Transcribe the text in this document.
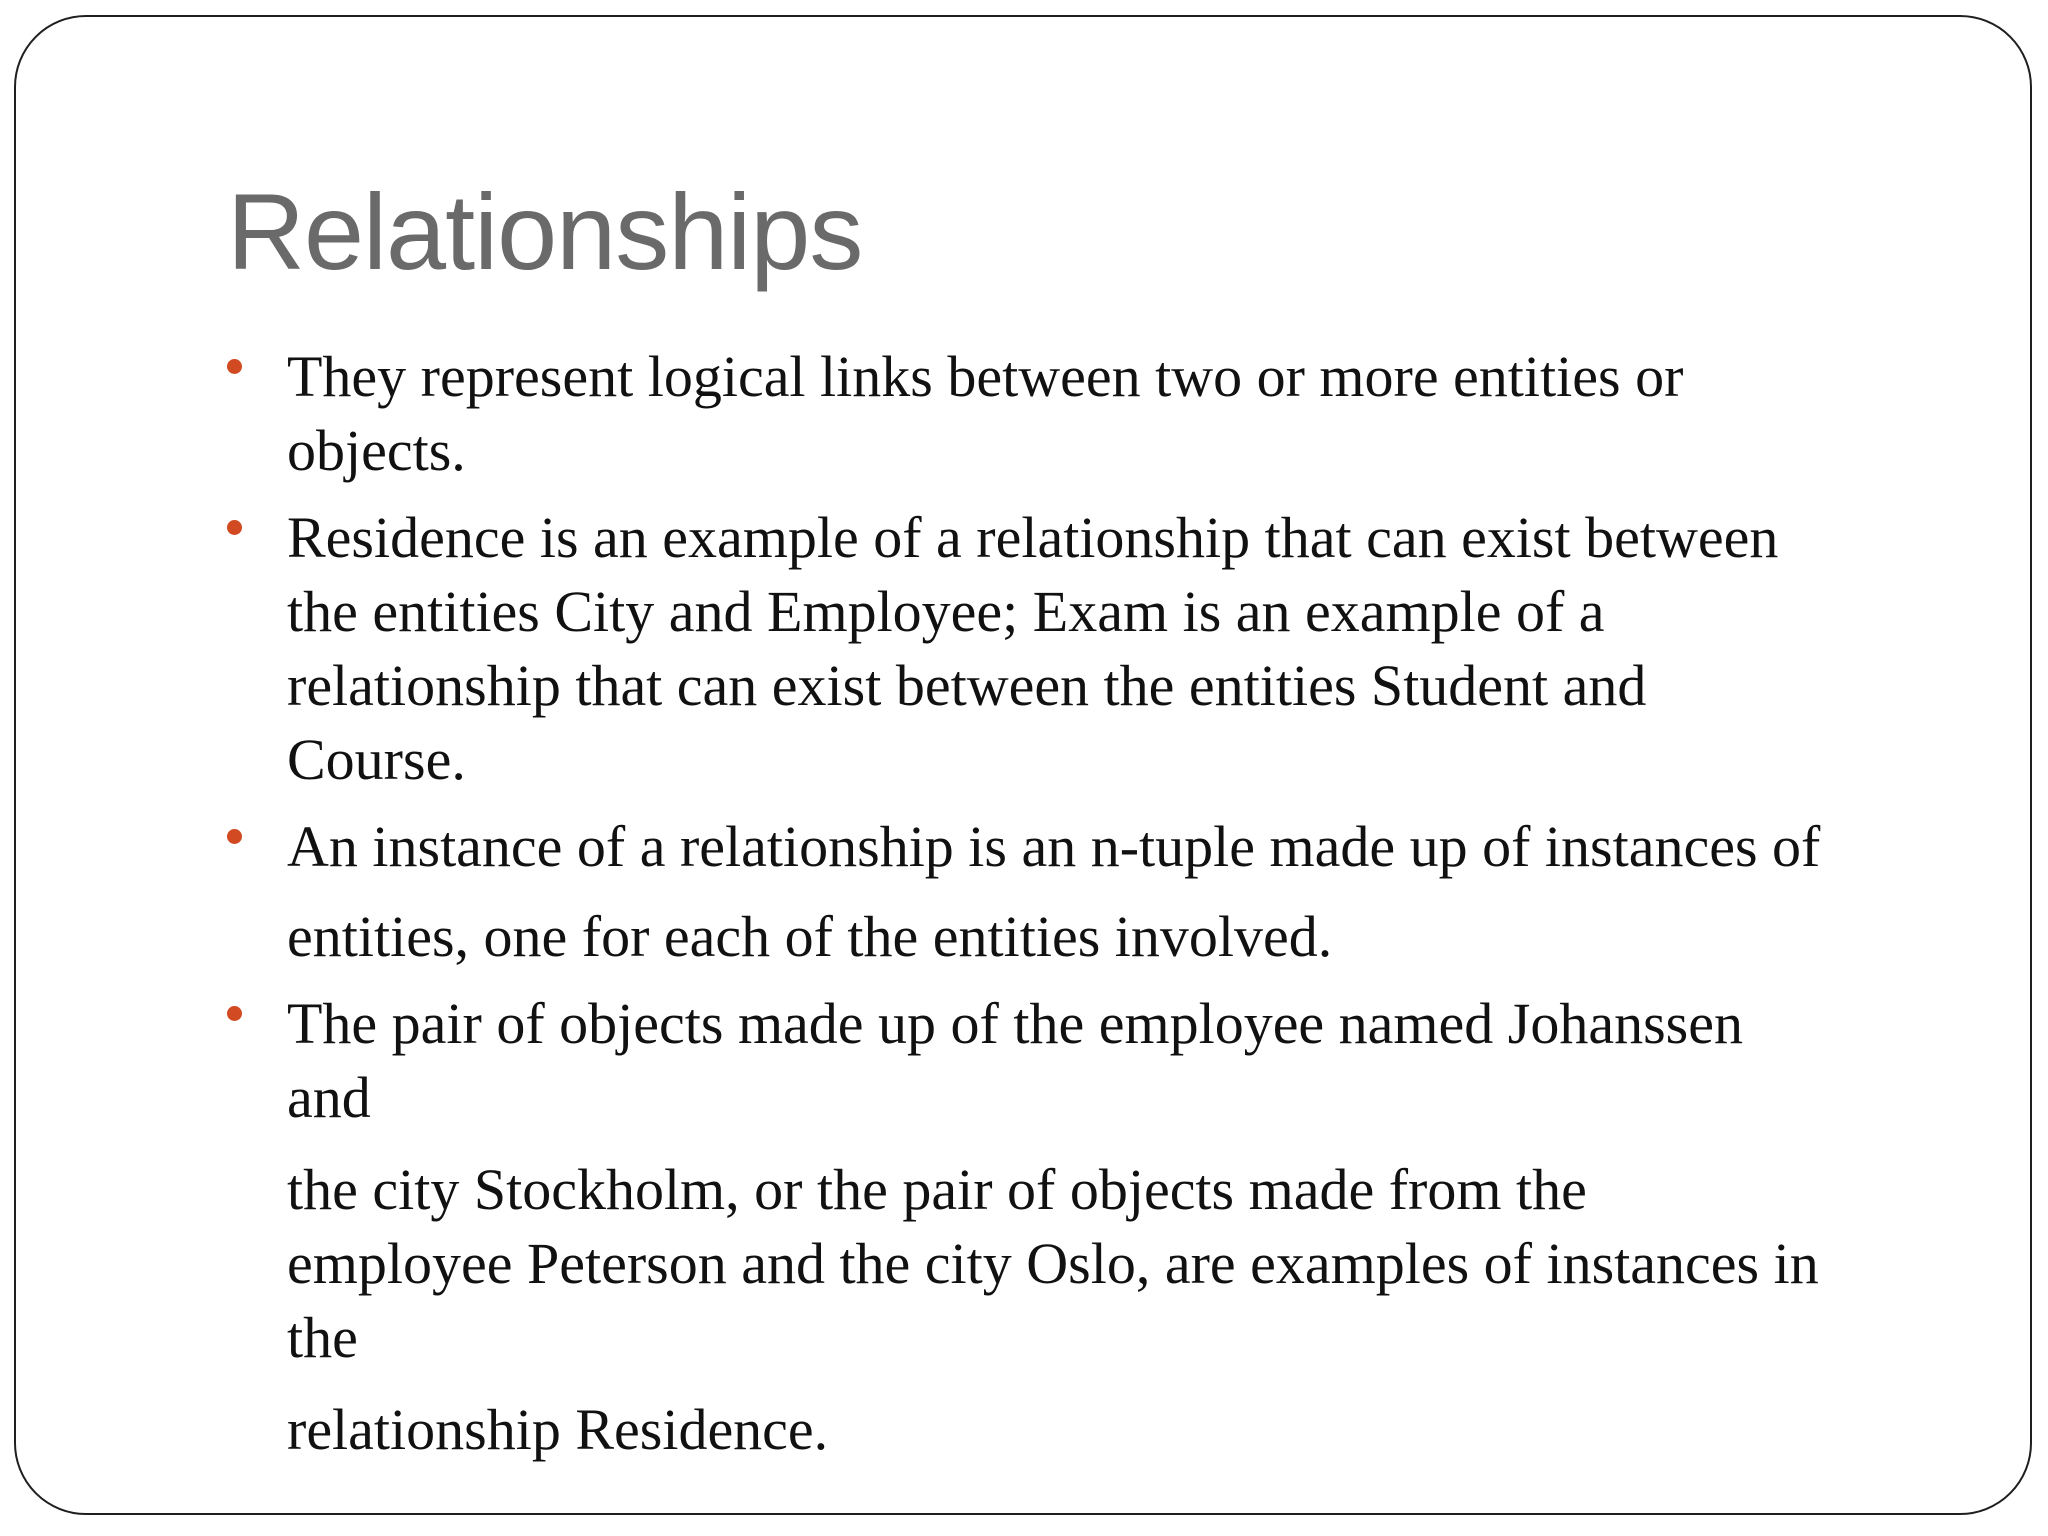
Relationships
They represent logical links between two or more entities or
objects.
Residence is an example of a relationship that can exist between
the entities City and Employee; Exam is an example of a
relationship that can exist between the entities Student and
Course.
An instance of a relationship is an n-tuple made up of instances of
entities, one for each of the entities involved.
The pair of objects made up of the employee named Johanssen
and
the city Stockholm, or the pair of objects made from the
employee Peterson and the city Oslo, are examples of instances in
the
relationship Residence.
